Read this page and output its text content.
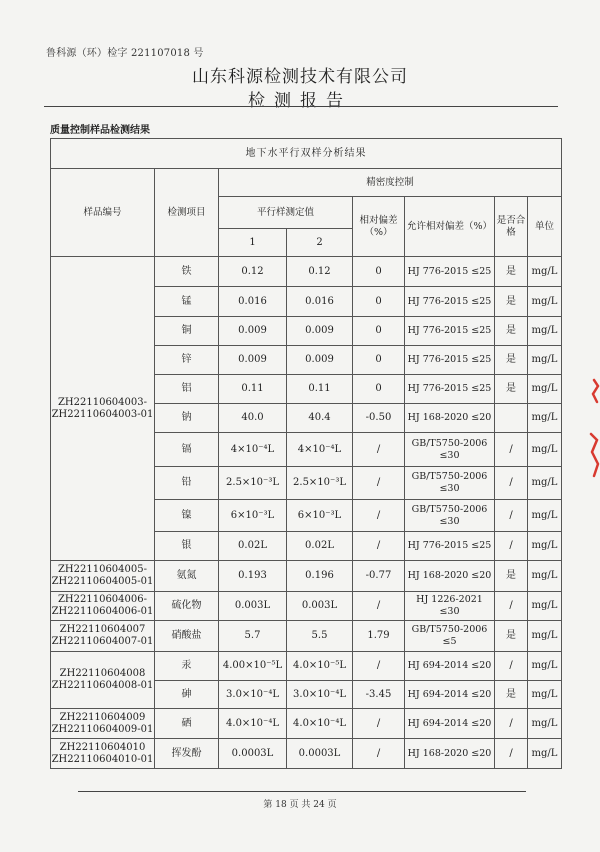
鲁科源（环）检字 221107018 号
山东科源检测技术有限公司
检测报告
质量控制样品检测结果
地下水平行双样分析结果							
样品编号	检测项目	精密度控制					
		平行样测定值		相对偏差（%）	允许相对偏差（%）	是否合格	单位
		1	2				
ZH22110604003-ZH22110604003-01	铁	0.12	0.12	0	HJ 776-2015 ≤25	是	mg/L
	锰	0.016	0.016	0	HJ 776-2015 ≤25	是	mg/L
	铜	0.009	0.009	0	HJ 776-2015 ≤25	是	mg/L
	锌	0.009	0.009	0	HJ 776-2015 ≤25	是	mg/L
	铝	0.11	0.11	0	HJ 776-2015 ≤25	是	mg/L
	钠	40.0	40.4	-0.50	HJ 168-2020 ≤20		mg/L
	镉	4×10⁻⁴L	4×10⁻⁴L	/	GB/T5750-2006 ≤30	/	mg/L
	铅	2.5×10⁻³L	2.5×10⁻³L	/	GB/T5750-2006 ≤30	/	mg/L
	镍	6×10⁻³L	6×10⁻³L	/	GB/T5750-2006 ≤30	/	mg/L
	银	0.02L	0.02L	/	HJ 776-2015 ≤25	/	mg/L
ZH22110604005-ZH22110604005-01	氨氮	0.193	0.196	-0.77	HJ 168-2020 ≤20	是	mg/L
ZH22110604006-ZH22110604006-01	硫化物	0.003L	0.003L	/	HJ 1226-2021 ≤30	/	mg/L
ZH22110604007 ZH22110604007-01	硝酸盐	5.7	5.5	1.79	GB/T5750-2006 ≤5	是	mg/L
ZH22110604008 ZH22110604008-01	汞	4.00×10⁻⁵L	4.0×10⁻⁵L	/	HJ 694-2014 ≤20	/	mg/L
	砷	3.0×10⁻⁴L	3.0×10⁻⁴L	-3.45	HJ 694-2014 ≤20	是	mg/L
ZH22110604009 ZH22110604009-01	硒	4.0×10⁻⁴L	4.0×10⁻⁴L	/	HJ 694-2014 ≤20	/	mg/L
ZH22110604010 ZH22110604010-01	挥发酚	0.0003L	0.0003L	/	HJ 168-2020 ≤20	/	mg/L
第 18 页 共 24 页
